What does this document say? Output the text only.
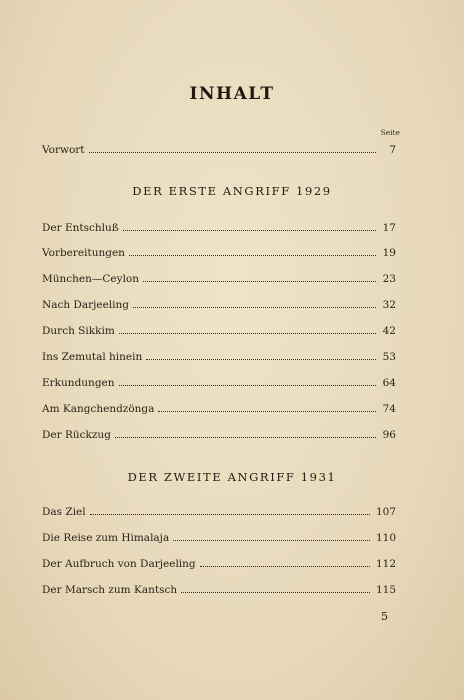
INHALT
Seite
Vorwort	7
DER ERSTE ANGRIFF 1929
Der Entschluß	17
Vorbereitungen	19
München—Ceylon	23
Nach Darjeeling	32
Durch Sikkim	42
Ins Zemutal hinein	53
Erkundungen	64
Am Kangchendzönga	74
Der Rückzug	96
DER ZWEITE ANGRIFF 1931
Das Ziel	107
Die Reise zum Himalaja	110
Der Aufbruch von Darjeeling	112
Der Marsch zum Kantsch	115
5
